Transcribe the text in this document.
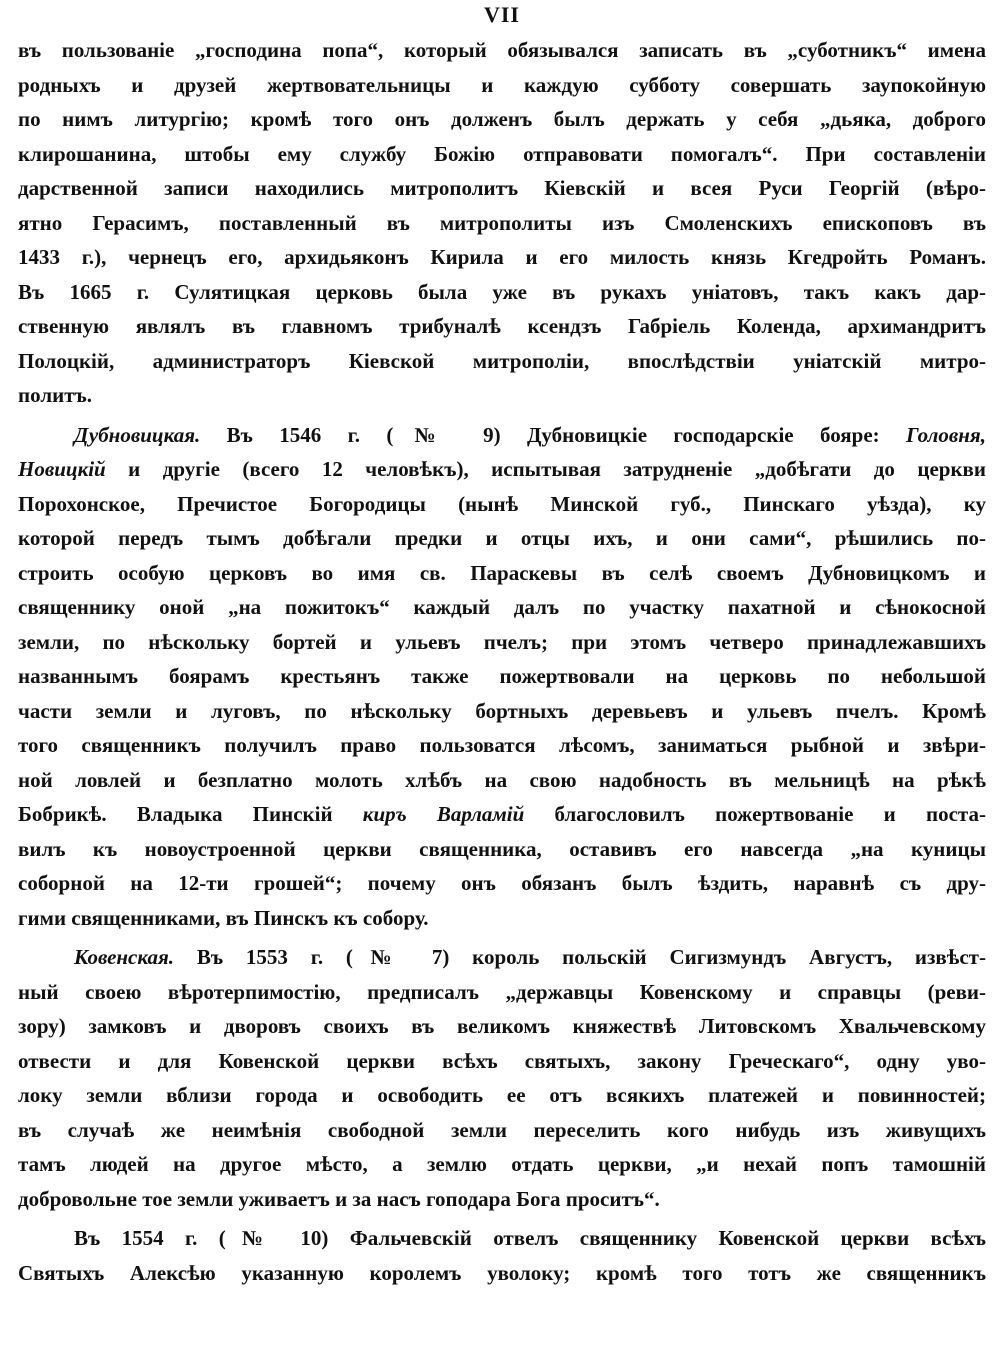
VII
въ пользованіе „господина попа“, который обязывался записать въ „суботникъ“ имена
родныхъ и друзей жертвовательницы и каждую субботу совершать заупокойную
по нимъ литургію; кромѣ того онъ долженъ былъ держать у себя „дьяка, доброго
клирошанина, штобы ему службу Божію отправовати помогалъ“. При составленіи
дарственной записи находились митрополитъ Кіевскій и всея Руси Георгій (вѣро-
ятно Герасимъ, поставленный въ митрополиты изъ Смоленскихъ епископовъ въ
1433 г.), чернецъ его, архидьяконъ Кирила и его милость князь Кгедройть Романъ.
Въ 1665 г. Сулятицкая церковь была уже въ рукахъ уніатовъ, такъ какъ дар-
ственную являлъ въ главномъ трибуналѣ ксендзъ Габріель Коленда, архимандритъ
Полоцкій, администраторъ Кіевской митрополіи, впослѣдствіи уніатскій митро-
политъ.
Дубновицкая. Въ 1546 г. (№ 9) Дубновицкіе господарскіе бояре: Головня,
Новицкій и другіе (всего 12 человѣкъ), испытывая затрудненіе „добѣгати до церкви
Порохонское, Пречистое Богородицы (нынѣ Минской губ., Пинскаго уѣзда), ку
которой передъ тымъ добѣгали предки и отцы ихъ, и они сами“, рѣшились по-
строить особую церковъ во имя св. Параскевы въ селѣ своемъ Дубновицкомъ и
священнику оной „на пожитокъ“ каждый далъ по участку пахатной и сѣнокосной
земли, по нѣскольку бортей и ульевъ пчелъ; при этомъ четверо принадлежавшихъ
названнымъ боярамъ крестьянъ также пожертвовали на церковь по небольшой
части земли и луговъ, по нѣскольку бортныхъ деревьевъ и ульевъ пчелъ. Кромѣ
того священникъ получилъ право пользоватся лѣсомъ, заниматься рыбной и звѣри-
ной ловлей и безплатно молоть хлѣбъ на свою надобность въ мельницѣ на рѣкѣ
Бобрикѣ. Владыка Пинскій киръ Варламій благословилъ пожертвованіе и поста-
вилъ къ новоустроенной церкви священника, оставивъ его навсегда „на куницы
соборной на 12-ти грошей“; почему онъ обязанъ былъ ѣздить, наравнѣ съ дру-
гими священниками, въ Пинскъ къ собору.
Ковенская. Въ 1553 г. (№ 7) король польскій Сигизмундъ Августъ, извѣст-
ный своею вѣротерпимостію, предписалъ „державцы Ковенскому и справцы (реви-
зору) замковъ и дворовъ своихъ въ великомъ княжествѣ Литовскомъ Хвальчевскому
отвести и для Ковенской церкви всѣхъ святыхъ, закону Греческаго“, одну уво-
локу земли вблизи города и освободить ее отъ всякихъ платежей и повинностей;
въ случаѣ же неимѣнія свободной земли переселить кого нибудь изъ живущихъ
тамъ людей на другое мѣсто, а землю отдать церкви, „и нехай попъ тамошній
добровольне тое земли уживаетъ и за насъ гоподара Бога проситъ“.
Въ 1554 г. (№ 10) Фальчевскій отвелъ священнику Ковенской церкви всѣхъ
Святыхъ Алексѣю указанную королемъ уволоку; кромѣ того тотъ же священникъ
